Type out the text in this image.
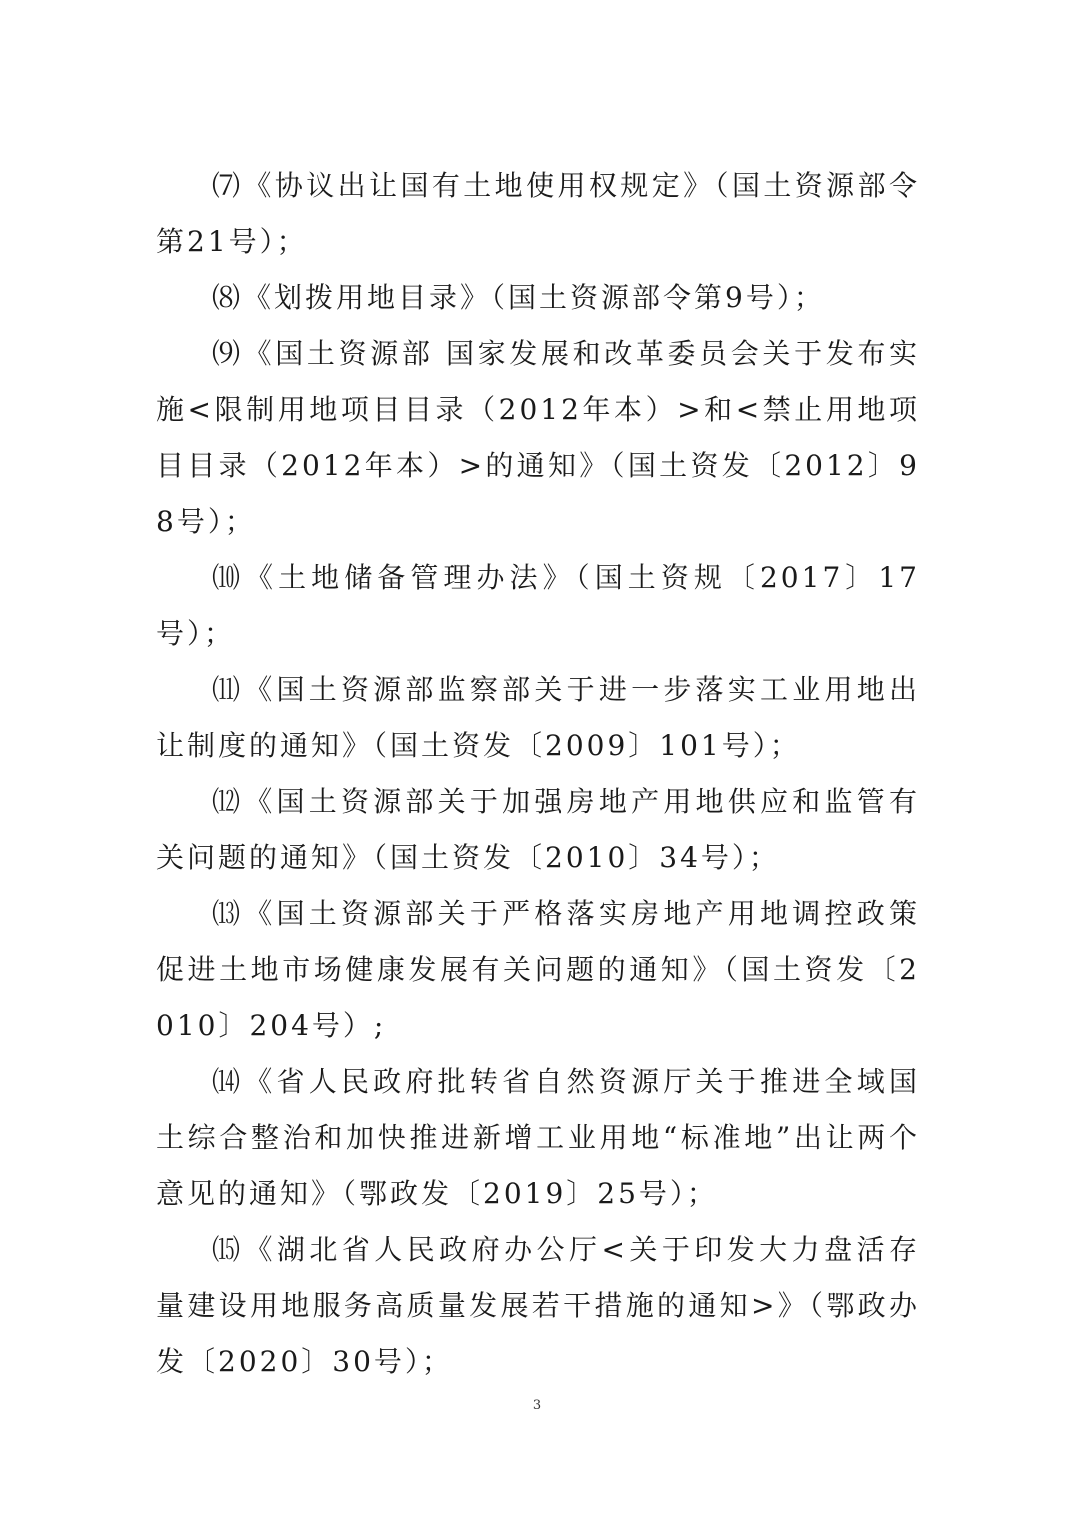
⑺《协议出让国有土地使用权规定》（国土资源部令第21号）；

⑻《划拨用地目录》（国土资源部令第9号）；

⑼《国土资源部 国家发展和改革委员会关于发布实施<限制用地项目目录（2012年本）>和<禁止用地项目目录（2012年本）>的通知》（国土资发〔2012〕98号）；

⑽《土地储备管理办法》（国土资规〔2017〕17号）；

⑾《国土资源部监察部关于进一步落实工业用地出让制度的通知》（国土资发〔2009〕101号）；

⑿《国土资源部关于加强房地产用地供应和监管有关问题的通知》（国土资发〔2010〕34号）；

⒀《国土资源部关于严格落实房地产用地调控政策促进土地市场健康发展有关问题的通知》（国土资发〔2010〕204号）;

⒁《省人民政府批转省自然资源厅关于推进全域国土综合整治和加快推进新增工业用地“标准地”出让两个意见的通知》（鄂政发〔2019〕25号）；

⒂《湖北省人民政府办公厅<关于印发大力盘活存量建设用地服务高质量发展若干措施的通知>》（鄂政办发〔2020〕30号）；

3
